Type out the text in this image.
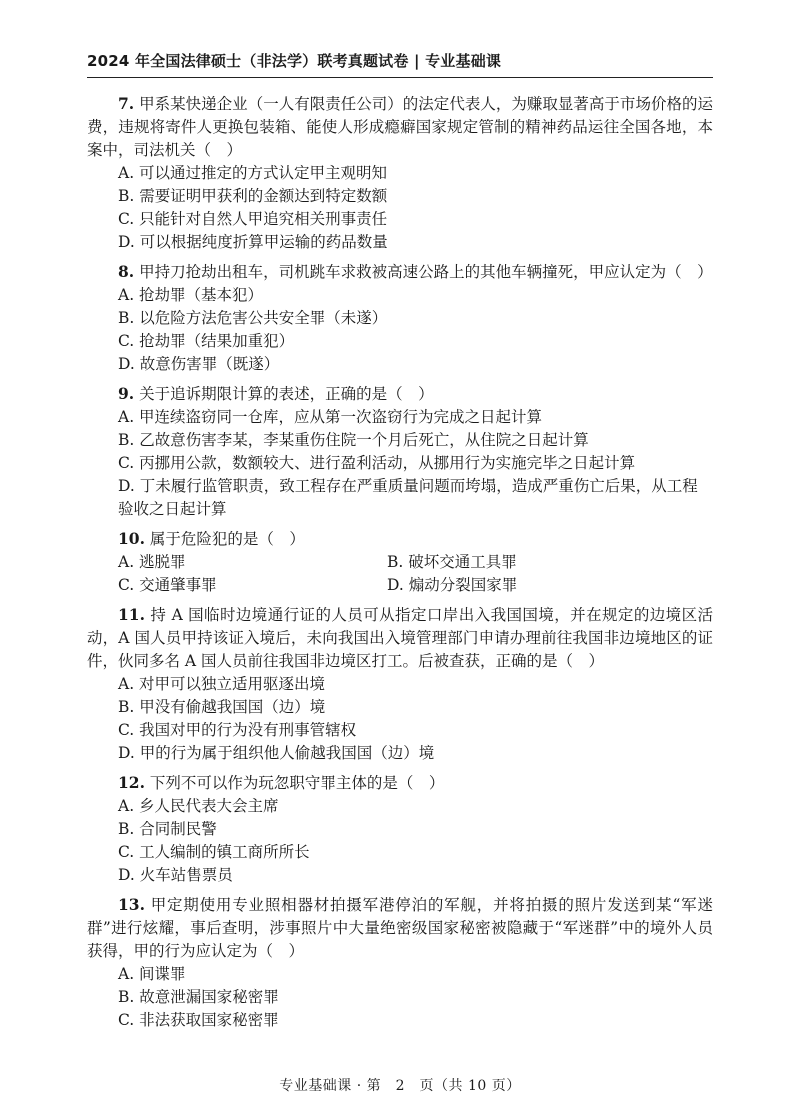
2024 年全国法律硕士（非法学）联考真题试卷 | 专业基础课
7. 甲系某快递企业（一人有限责任公司）的法定代表人，为赚取显著高于市场价格的运费，违规将寄件人更换包装箱、能使人形成瘾癖国家规定管制的精神药品运往全国各地，本案中，司法机关（　）
A. 可以通过推定的方式认定甲主观明知
B. 需要证明甲获利的金额达到特定数额
C. 只能针对自然人甲追究相关刑事责任
D. 可以根据纯度折算甲运输的药品数量
8. 甲持刀抢劫出租车，司机跳车求救被高速公路上的其他车辆撞死，甲应认定为（　）
A. 抢劫罪（基本犯）
B. 以危险方法危害公共安全罪（未遂）
C. 抢劫罪（结果加重犯）
D. 故意伤害罪（既遂）
9. 关于追诉期限计算的表述，正确的是（　）
A. 甲连续盗窃同一仓库，应从第一次盗窃行为完成之日起计算
B. 乙故意伤害李某，李某重伤住院一个月后死亡，从住院之日起计算
C. 丙挪用公款，数额较大、进行盈利活动，从挪用行为实施完毕之日起计算
D. 丁未履行监管职责，致工程存在严重质量问题而垮塌，造成严重伤亡后果，从工程验收之日起计算
10. 属于危险犯的是（　）
A. 逃脱罪	B. 破坏交通工具罪
C. 交通肇事罪	D. 煽动分裂国家罪
11. 持 A 国临时边境通行证的人员可从指定口岸出入我国国境，并在规定的边境区活动，A 国人员甲持该证入境后，未向我国出入境管理部门申请办理前往我国非边境地区的证件，伙同多名 A 国人员前往我国非边境区打工。后被查获，正确的是（　）
A. 对甲可以独立适用驱逐出境
B. 甲没有偷越我国国（边）境
C. 我国对甲的行为没有刑事管辖权
D. 甲的行为属于组织他人偷越我国国（边）境
12. 下列不可以作为玩忽职守罪主体的是（　）
A. 乡人民代表大会主席
B. 合同制民警
C. 工人编制的镇工商所所长
D. 火车站售票员
13. 甲定期使用专业照相器材拍摄军港停泊的军舰，并将拍摄的照片发送到某“军迷群”进行炫耀，事后查明，涉事照片中大量绝密级国家秘密被隐藏于“军迷群”中的境外人员获得，甲的行为应认定为（　）
A. 间谍罪
B. 故意泄漏国家秘密罪
C. 非法获取国家秘密罪
专业基础课 · 第　2　页（共 10 页）
